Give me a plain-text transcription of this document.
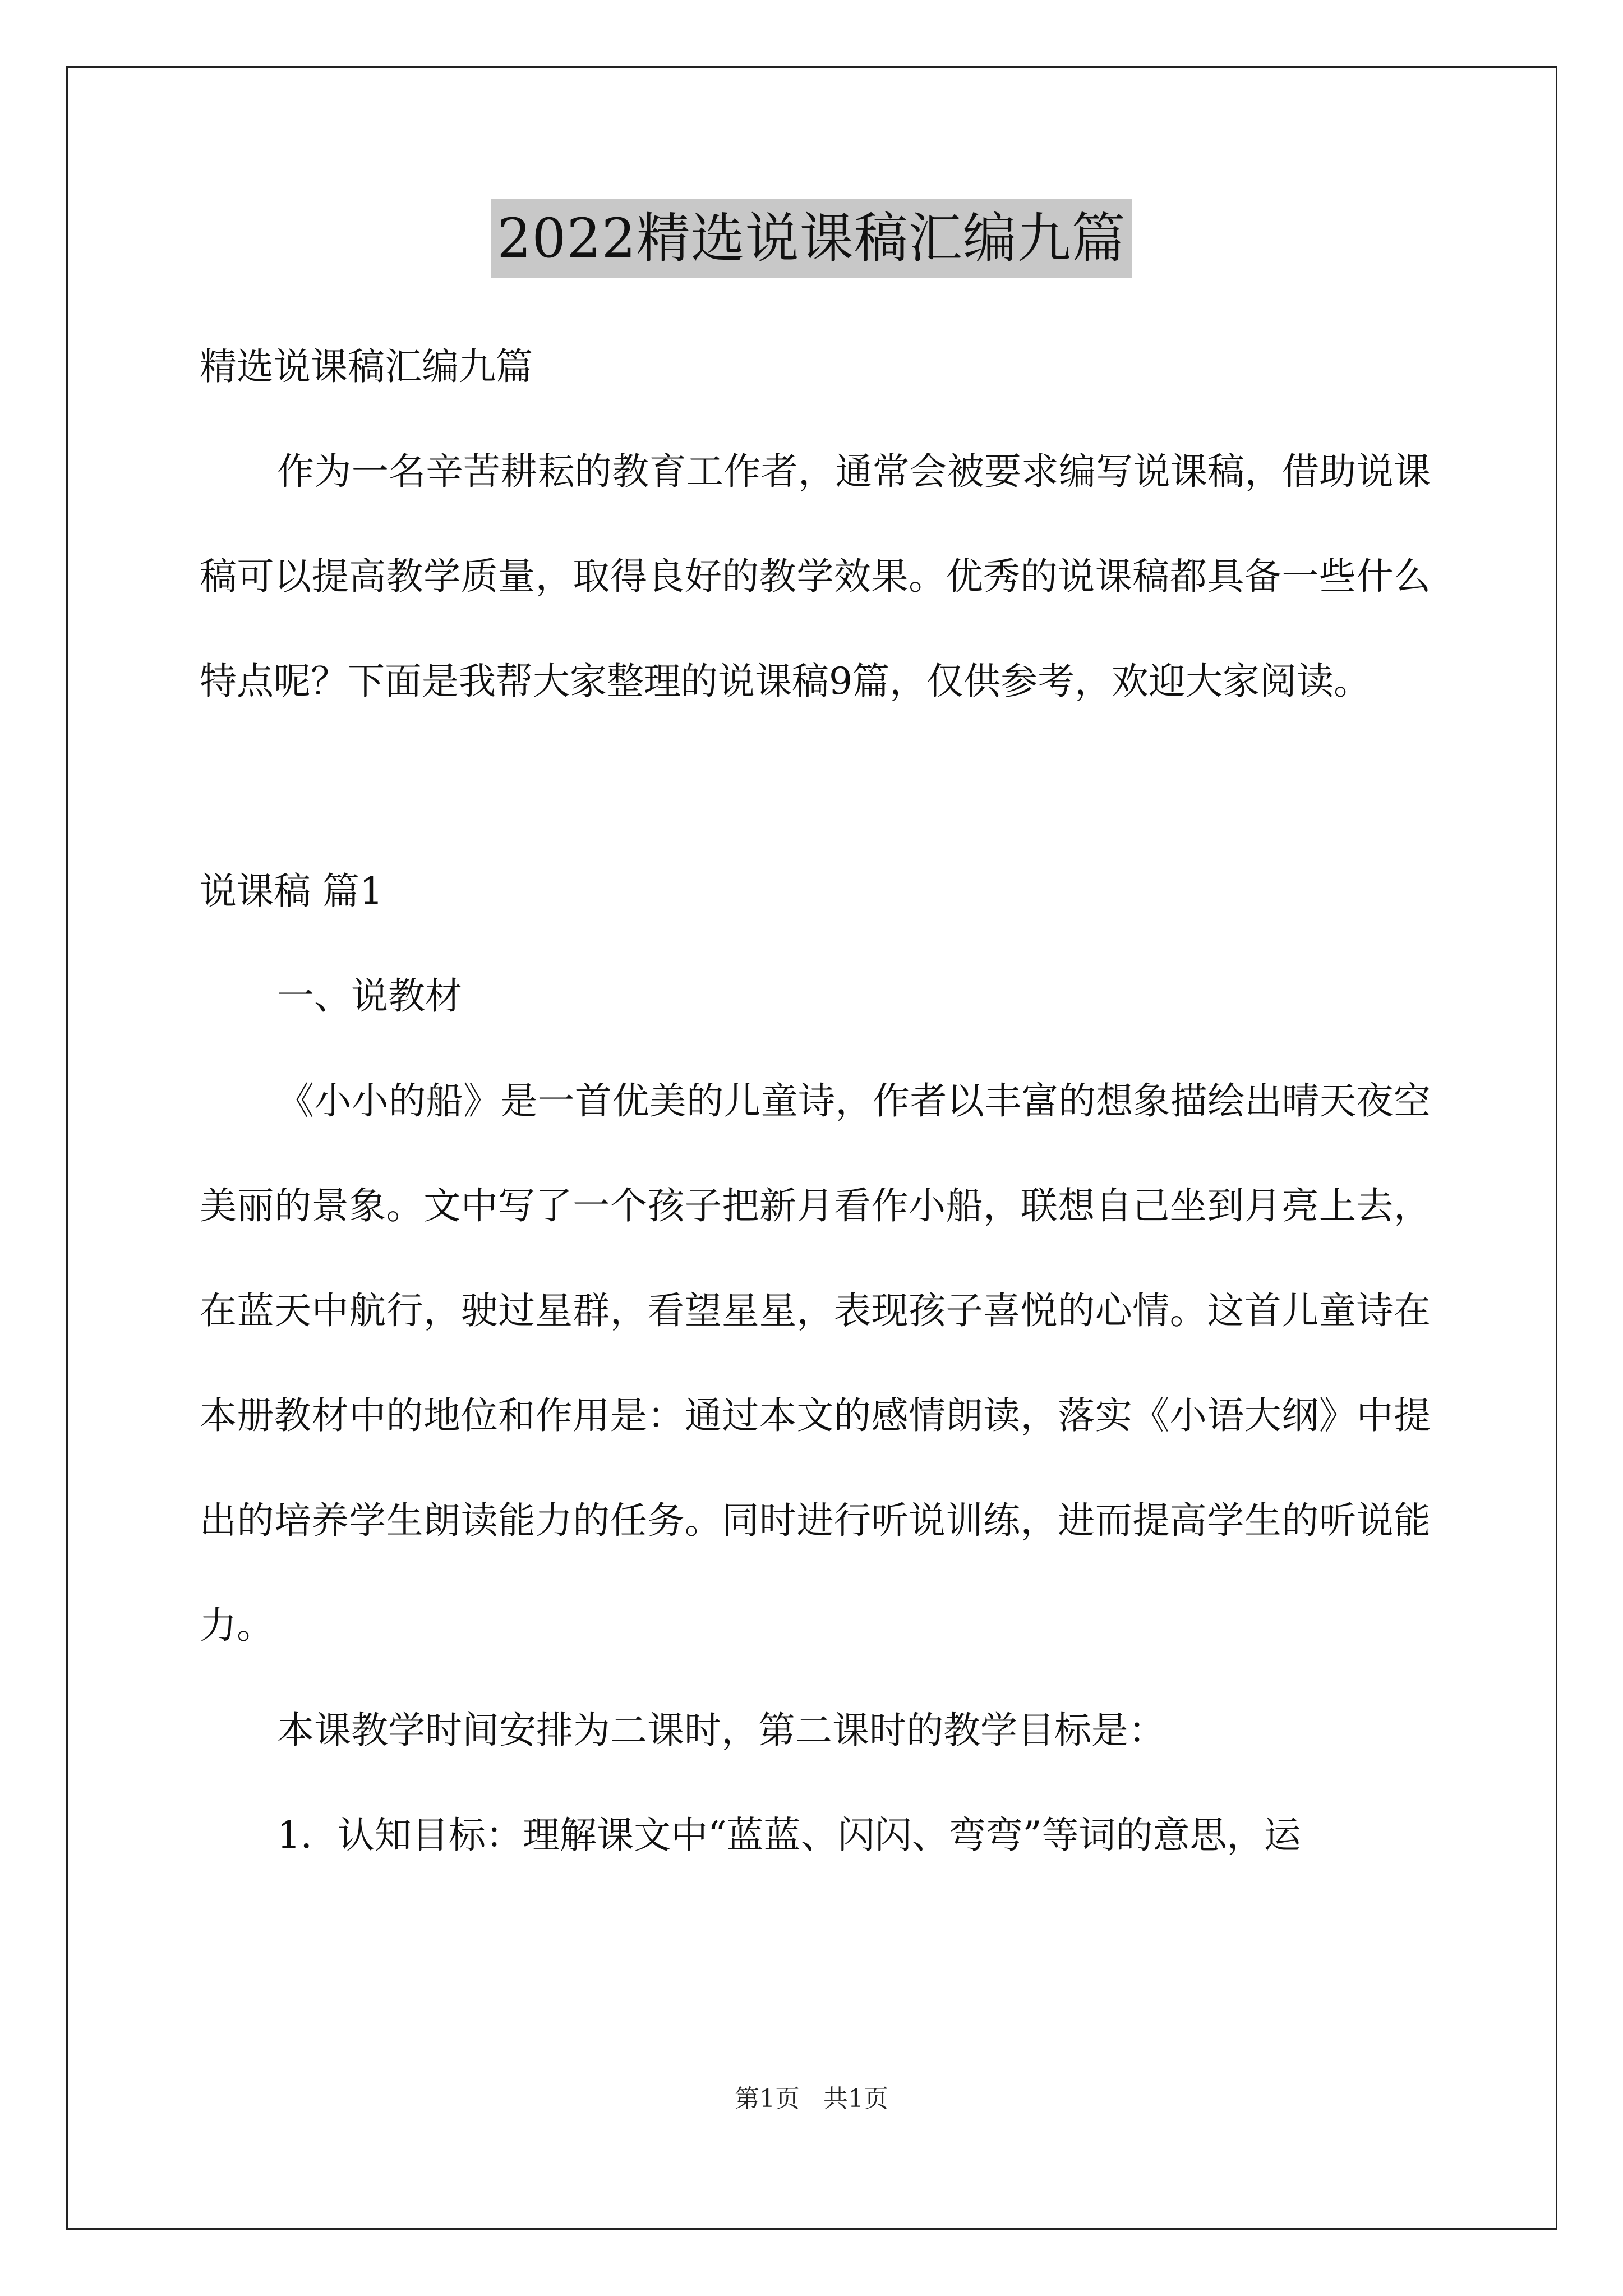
2022精选说课稿汇编九篇

精选说课稿汇编九篇

作为一名辛苦耕耘的教育工作者，通常会被要求编写说课稿，借助说课稿可以提高教学质量，取得良好的教学效果。优秀的说课稿都具备一些什么特点呢？下面是我帮大家整理的说课稿9篇，仅供参考，欢迎大家阅读。

说课稿 篇1

一、说教材

《小小的船》是一首优美的儿童诗，作者以丰富的想象描绘出晴天夜空美丽的景象。文中写了一个孩子把新月看作小船，联想自己坐到月亮上去，在蓝天中航行，驶过星群，看望星星，表现孩子喜悦的心情。这首儿童诗在本册教材中的地位和作用是：通过本文的感情朗读，落实《小语大纲》中提出的培养学生朗读能力的任务。同时进行听说训练，进而提高学生的听说能力。

本课教学时间安排为二课时，第二课时的教学目标是：

1．认知目标：理解课文中“蓝蓝、闪闪、弯弯”等词的意思，运

第1页 共1页
